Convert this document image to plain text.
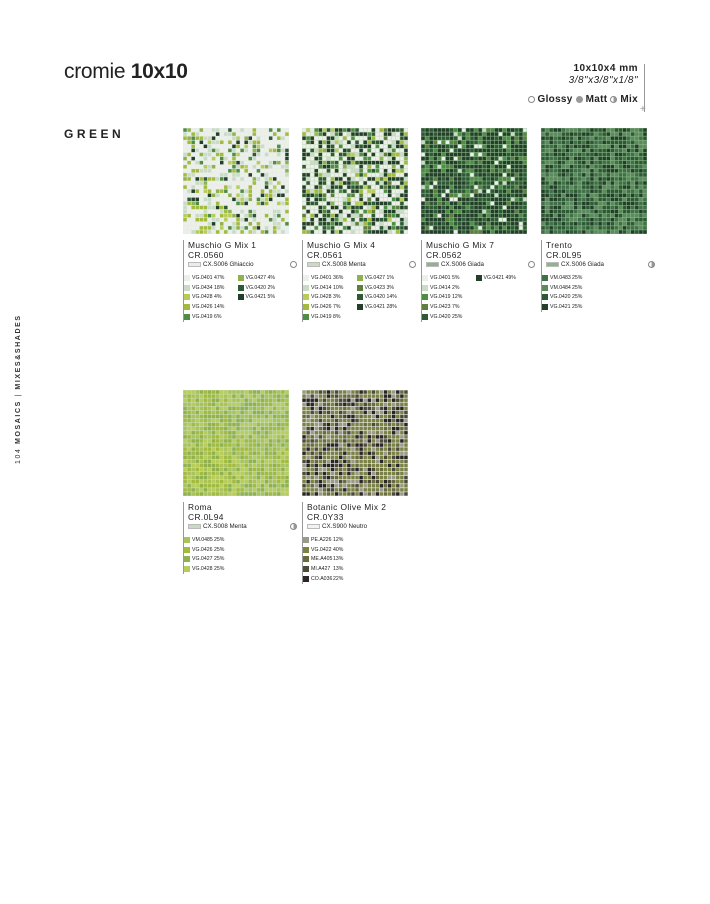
cromie 10x10	10x10x4 mm
3/8"x3/8"x1/8"
Glossy Matt Mix
+
GREEN
104 MOSAICS | MIXES&SHADES
Muschio G Mix 1
CR.0560
CX.S006 Ghiaccio
VG.0401 47%
VG.0434 18%
VG.0428 4%
VG.0426 14%
VG.0419 6%
VG.0427 4%
VG.0420 2%
VG.0421 5%
Muschio G Mix 4
CR.0561
CX.S008 Menta
VG.0401 36%
VG.0414 10%
VG.0428 3%
VG.0426 7%
VG.0419 8%
VG.0427 1%
VG.0423 3%
VG.0420 14%
VG.0421 28%
Muschio G Mix 7
CR.0562
CX.S006 Giada
VG.0401 5%
VG.0414 2%
VG.0419 12%
VG.0423 7%
VG.0420 25%
VG.0421 49%
Trento
CR.0L95
CX.S006 Giada
VM.0483 25%
VM.0484 25%
VG.0420 25%
VG.0421 25%
Roma
CR.0L94
CX.S008 Menta
VM.0485 25%
VG.0426 25%
VG.0427 25%
VG.0428 25%
Botanic Olive Mix 2
CR.0Y33
CX.S900 Neutro
PE.A226 12%
VG.0422 40%
ME.A405 13%
MI.A427 13%
CO.A036 22%
